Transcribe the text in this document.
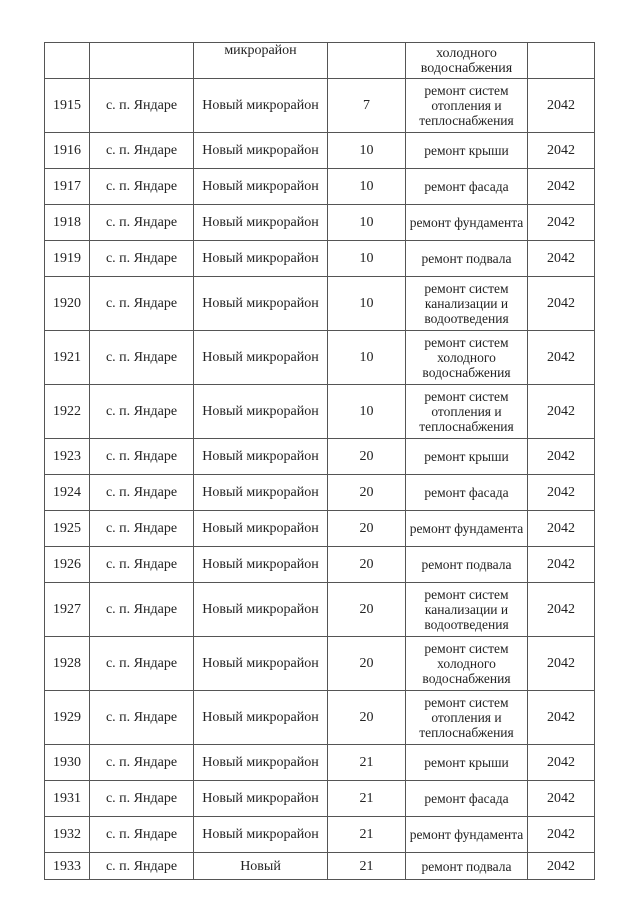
		микрорайон		холодного водоснабжения	
1915	с. п. Яндаре	Новый микрорайон	7	ремонт систем отопления и теплоснабжения	2042
1916	с. п. Яндаре	Новый микрорайон	10	ремонт крыши	2042
1917	с. п. Яндаре	Новый микрорайон	10	ремонт фасада	2042
1918	с. п. Яндаре	Новый микрорайон	10	ремонт фундамента	2042
1919	с. п. Яндаре	Новый микрорайон	10	ремонт подвала	2042
1920	с. п. Яндаре	Новый микрорайон	10	ремонт систем канализации и водоотведения	2042
1921	с. п. Яндаре	Новый микрорайон	10	ремонт систем холодного водоснабжения	2042
1922	с. п. Яндаре	Новый микрорайон	10	ремонт систем отопления и теплоснабжения	2042
1923	с. п. Яндаре	Новый микрорайон	20	ремонт крыши	2042
1924	с. п. Яндаре	Новый микрорайон	20	ремонт фасада	2042
1925	с. п. Яндаре	Новый микрорайон	20	ремонт фундамента	2042
1926	с. п. Яндаре	Новый микрорайон	20	ремонт подвала	2042
1927	с. п. Яндаре	Новый микрорайон	20	ремонт систем канализации и водоотведения	2042
1928	с. п. Яндаре	Новый микрорайон	20	ремонт систем холодного водоснабжения	2042
1929	с. п. Яндаре	Новый микрорайон	20	ремонт систем отопления и теплоснабжения	2042
1930	с. п. Яндаре	Новый микрорайон	21	ремонт крыши	2042
1931	с. п. Яндаре	Новый микрорайон	21	ремонт фасада	2042
1932	с. п. Яндаре	Новый микрорайон	21	ремонт фундамента	2042
1933	с. п. Яндаре	Новый	21	ремонт подвала	2042
